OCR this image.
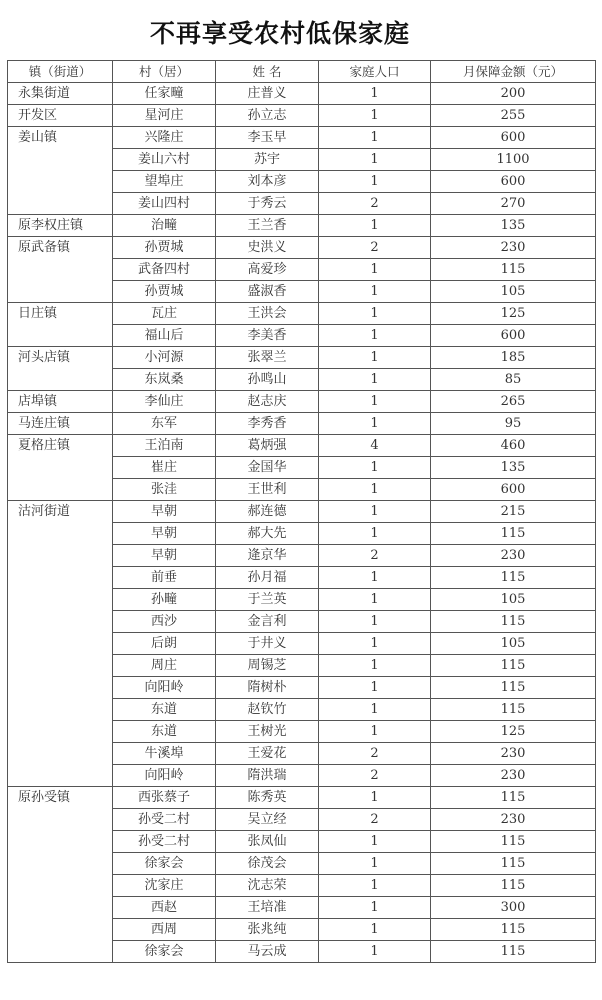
不再享受农村低保家庭
镇（街道）	村（居）	姓 名	家庭人口	月保障金额（元）
永集街道	任家疃	庄普义	1	200
开发区	星河庄	孙立志	1	255
姜山镇	兴隆庄	李玉早	1	600
	姜山六村	苏宇	1	1100
	望埠庄	刘本彦	1	600
	姜山四村	于秀云	2	270
原李权庄镇	治疃	王兰香	1	135
原武备镇	孙贾城	史洪义	2	230
	武备四村	高爱珍	1	115
	孙贾城	盛淑香	1	105
日庄镇	瓦庄	王洪会	1	125
	福山后	李美香	1	600
河头店镇	小河源	张翠兰	1	185
	东岚桑	孙鸣山	1	85
店埠镇	李仙庄	赵志庆	1	265
马连庄镇	东军	李秀香	1	95
夏格庄镇	王泊南	葛炳强	4	460
	崔庄	金国华	1	135
	张洼	王世利	1	600
沽河街道	早朝	郝连德	1	215
	早朝	郝大先	1	115
	早朝	逄京华	2	230
	前垂	孙月福	1	115
	孙疃	于兰英	1	105
	西沙	金言利	1	115
	后朗	于井义	1	105
	周庄	周锡芝	1	115
	向阳岭	隋树朴	1	115
	东道	赵钦竹	1	115
	东道	王树光	1	125
	牛溪埠	王爱花	2	230
	向阳岭	隋洪瑞	2	230
原孙受镇	西张蔡子	陈秀英	1	115
	孙受二村	吴立经	2	230
	孙受二村	张凤仙	1	115
	徐家会	徐茂会	1	115
	沈家庄	沈志荣	1	115
	西赵	王培准	1	300
	西周	张兆纯	1	115
	徐家会	马云成	1	115
